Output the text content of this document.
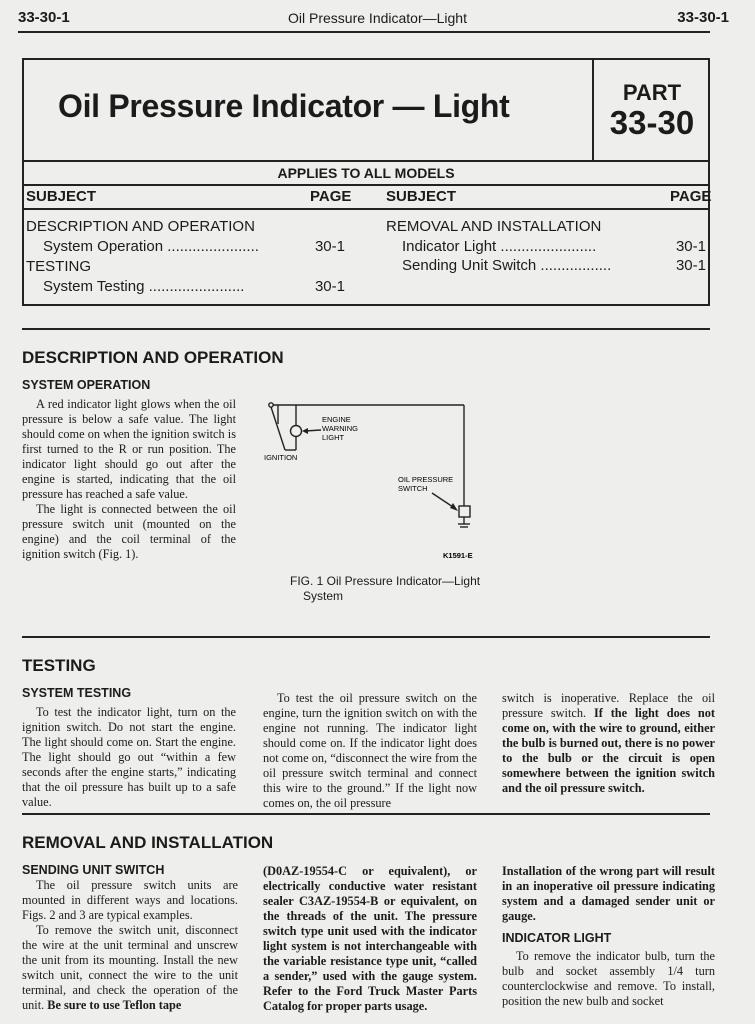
33-30-1	Oil Pressure Indicator—Light	33-30-1
Oil Pressure Indicator — Light	PART
33-30
APPLIES TO ALL MODELS
SUBJECT	PAGE SUBJECT	PAGE
DESCRIPTION AND OPERATION
System Operation ......................	30-1
TESTING
System Testing .......................	30-1
REMOVAL AND INSTALLATION
Indicator Light .......................	30-1
Sending Unit Switch .................	30-1
DESCRIPTION AND OPERATION
SYSTEM OPERATION

A red indicator light glows when the oil pressure is below a safe value. The light should come on when the ignition switch is first turned to the R or run position. The indicator light should go out after the engine is started, indicating that the oil pressure has reached a safe value.

The light is connected between the oil pressure switch unit (mounted on the engine) and the coil terminal of the ignition switch (Fig. 1).

ENGINE
WARNING
LIGHT
IGNITION
OIL PRESSURE
SWITCH
K1591-E
FIG. 1 Oil Pressure Indicator—Light
System
TESTING
SYSTEM TESTING

To test the indicator light, turn on the ignition switch. Do not start the engine. The light should come on. Start the engine. The light should go out “within a few seconds after the engine starts,” indicating that the oil pressure has built up to a safe value.

To test the oil pressure switch on the engine, turn the ignition switch on with the engine not running. The indicator light should come on. If the indicator light does not come on, “disconnect the wire from the oil pressure switch terminal and connect this wire to the ground.” If the light now comes on, the oil pressure

switch is inoperative. Replace the oil pressure switch. If the light does not come on, with the wire to ground, either the bulb is burned out, there is no power to the bulb or the circuit is open somewhere between the ignition switch and the oil pressure switch.

REMOVAL AND INSTALLATION
SENDING UNIT SWITCH

The oil pressure switch units are mounted in different ways and locations. Figs. 2 and 3 are typical examples.

To remove the switch unit, disconnect the wire at the unit terminal and unscrew the unit from its mounting. Install the new switch unit, connect the wire to the unit terminal, and check the operation of the unit. Be sure to use Teflon tape

(D0AZ-19554-C or equivalent), or electrically conductive water resistant sealer C3AZ-19554-B or equivalent, on the threads of the unit. The pressure switch type unit used with the indicator light system is not interchangeable with the variable resistance type unit, “called a sender,” used with the gauge system. Refer to the Ford Truck Master Parts Catalog for proper parts usage.

Installation of the wrong part will result in an inoperative oil pressure indicating system and a damaged sender unit or gauge.

INDICATOR LIGHT

To remove the indicator bulb, turn the bulb and socket assembly 1/4 turn counterclockwise and remove. To install, position the new bulb and socket
